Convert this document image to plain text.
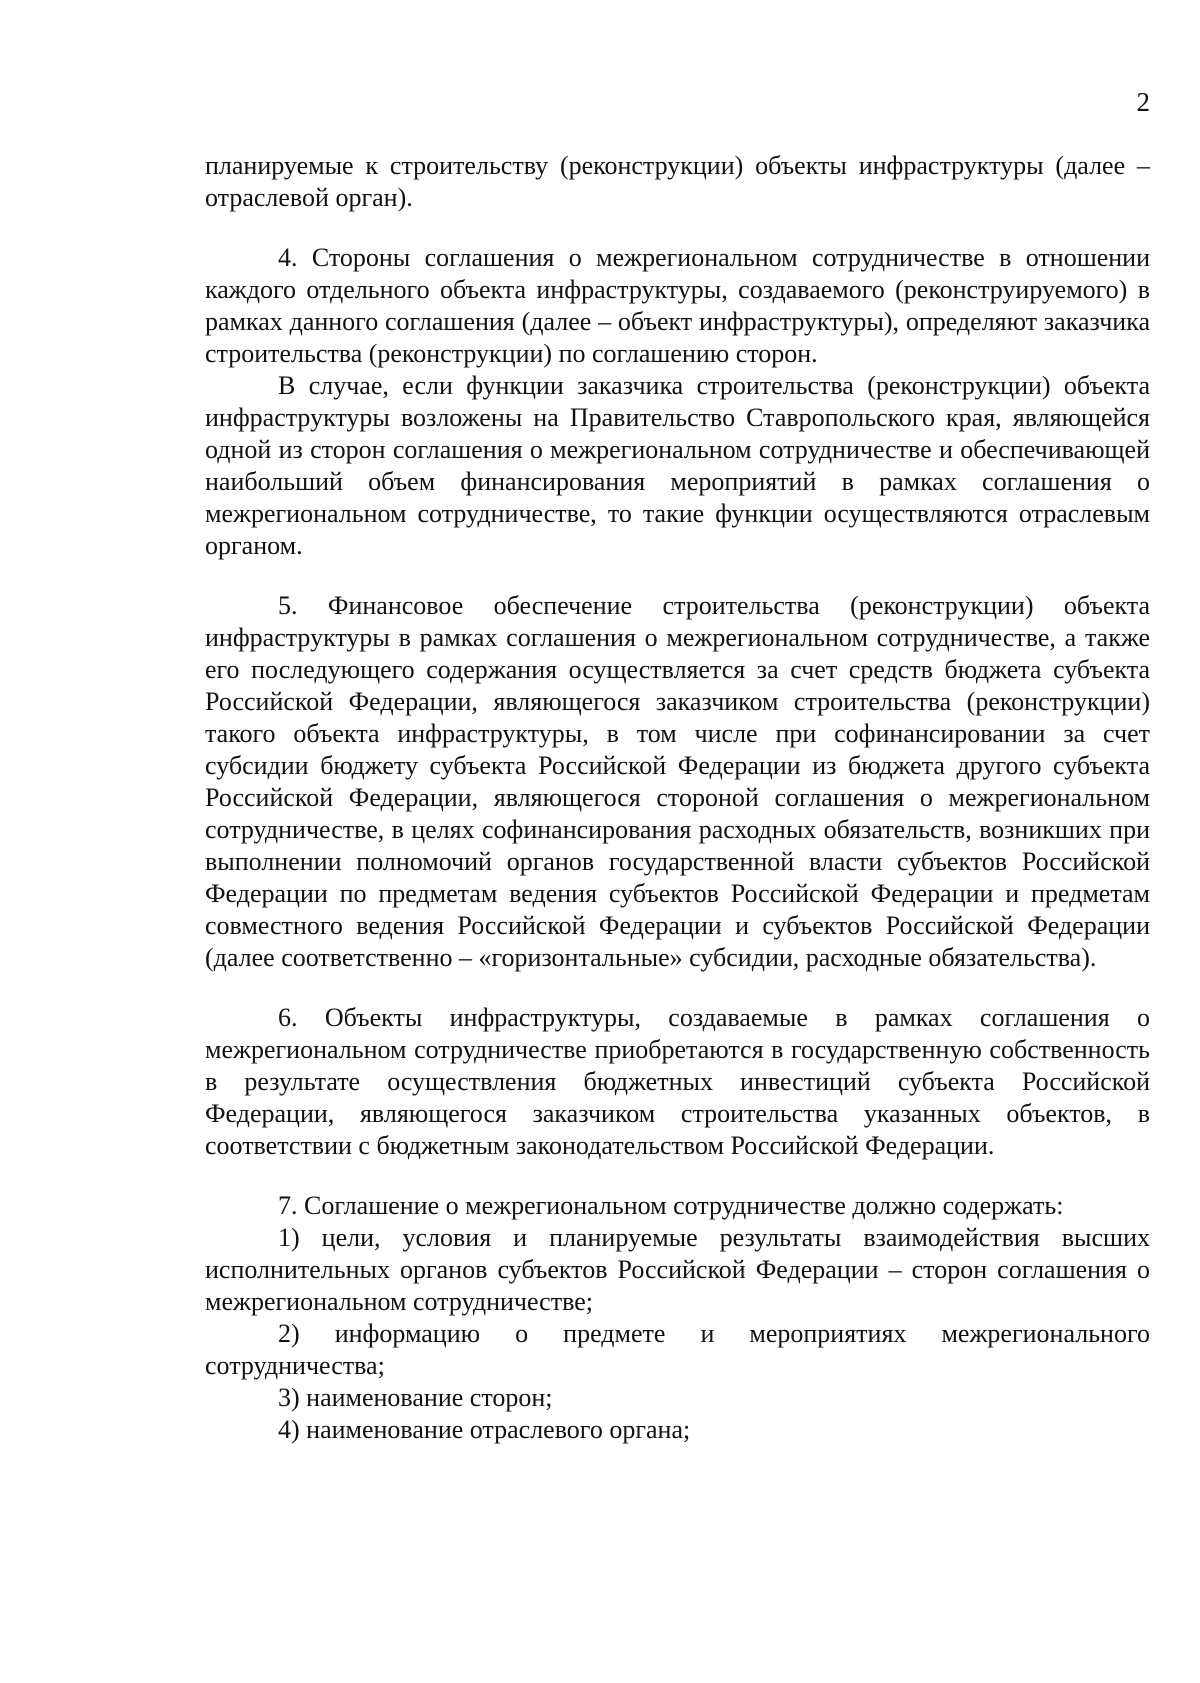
2

планируемые к строительству (реконструкции) объекты инфраструктуры (далее – отраслевой орган).

4. Стороны соглашения о межрегиональном сотрудничестве в отношении каждого отдельного объекта инфраструктуры, создаваемого (реконструируемого) в рамках данного соглашения (далее – объект инфраструктуры), определяют заказчика строительства (реконструкции) по соглашению сторон.

В случае, если функции заказчика строительства (реконструкции) объекта инфраструктуры возложены на Правительство Ставропольского края, являющейся одной из сторон соглашения о межрегиональном сотрудничестве и обеспечивающей наибольший объем финансирования мероприятий в рамках соглашения о межрегиональном сотрудничестве, то такие функции осуществляются отраслевым органом.

5. Финансовое обеспечение строительства (реконструкции) объекта инфраструктуры в рамках соглашения о межрегиональном сотрудничестве, а также его последующего содержания осуществляется за счет средств бюджета субъекта Российской Федерации, являющегося заказчиком строительства (реконструкции) такого объекта инфраструктуры, в том числе при софинансировании за счет субсидии бюджету субъекта Российской Федерации из бюджета другого субъекта Российской Федерации, являющегося стороной соглашения о межрегиональном сотрудничестве, в целях софинансирования расходных обязательств, возникших при выполнении полномочий органов государственной власти субъектов Российской Федерации по предметам ведения субъектов Российской Федерации и предметам совместного ведения Российской Федерации и субъектов Российской Федерации (далее соответственно – «горизонтальные» субсидии, расходные обязательства).

6. Объекты инфраструктуры, создаваемые в рамках соглашения о межрегиональном сотрудничестве приобретаются в государственную собственность в результате осуществления бюджетных инвестиций субъекта Российской Федерации, являющегося заказчиком строительства указанных объектов, в соответствии с бюджетным законодательством Российской Федерации.

7. Соглашение о межрегиональном сотрудничестве должно содержать:

1) цели, условия и планируемые результаты взаимодействия высших исполнительных органов субъектов Российской Федерации – сторон соглашения о межрегиональном сотрудничестве;

2) информацию о предмете и мероприятиях межрегионального сотрудничества;

3) наименование сторон;

4) наименование отраслевого органа;
